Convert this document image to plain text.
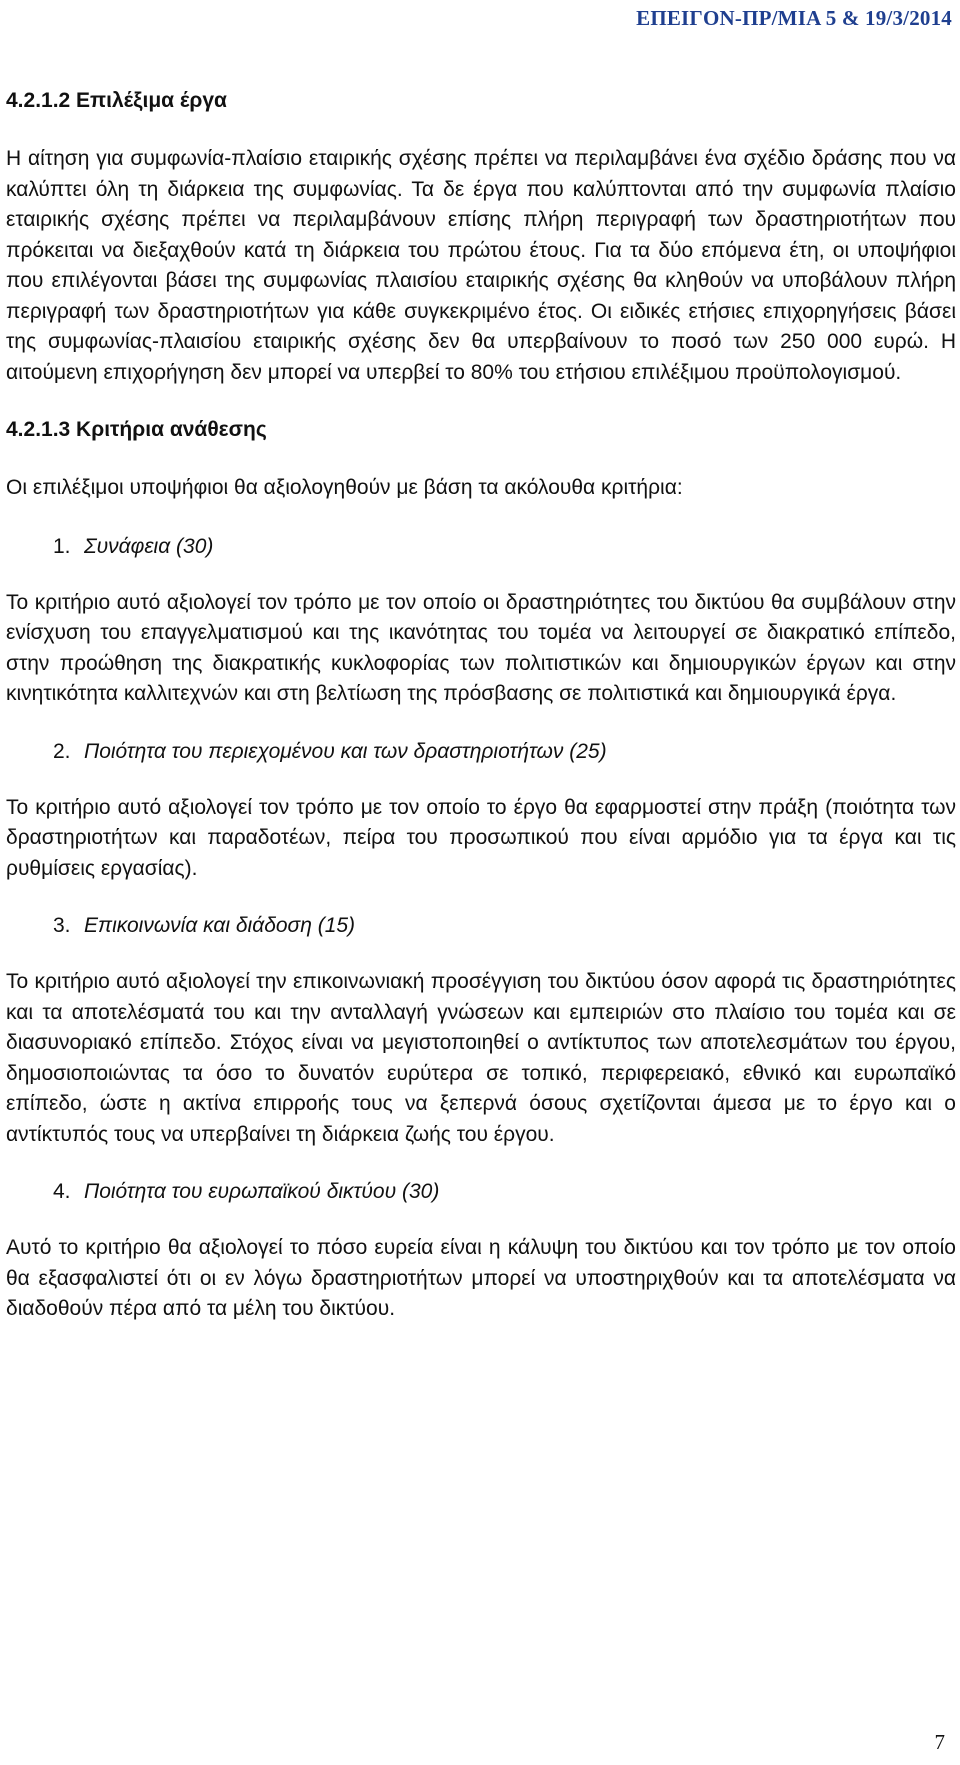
ΕΠΕΙΓΟΝ-ΠΡ/ΜΙΑ 5 & 19/3/2014
4.2.1.2 Επιλέξιμα έργα

Η αίτηση για συμφωνία-πλαίσιο εταιρικής σχέσης πρέπει να περιλαμβάνει ένα σχέδιο δράσης που να καλύπτει όλη τη διάρκεια της συμφωνίας. Τα δε έργα που καλύπτονται από την συμφωνία πλαίσιο εταιρικής σχέσης πρέπει να περιλαμβάνουν επίσης πλήρη περιγραφή των δραστηριοτήτων που πρόκειται να διεξαχθούν κατά τη διάρκεια του πρώτου έτους. Για τα δύο επόμενα έτη, οι υποψήφιοι που επιλέγονται βάσει της συμφωνίας πλαισίου εταιρικής σχέσης θα κληθούν να υποβάλουν πλήρη περιγραφή των δραστηριοτήτων για κάθε συγκεκριμένο έτος. Οι ειδικές ετήσιες επιχορηγήσεις βάσει της συμφωνίας-πλαισίου εταιρικής σχέσης δεν θα υπερβαίνουν το ποσό των 250 000 ευρώ. Η αιτούμενη επιχορήγηση δεν μπορεί να υπερβεί το 80% του ετήσιου επιλέξιμου προϋπολογισμού.

4.2.1.3 Κριτήρια ανάθεσης

Οι επιλέξιμοι υποψήφιοι θα αξιολογηθούν με βάση τα ακόλουθα κριτήρια:

1. Συνάφεια (30)

Το κριτήριο αυτό αξιολογεί τον τρόπο με τον οποίο οι δραστηριότητες του δικτύου θα συμβάλουν στην ενίσχυση του επαγγελματισμού και της ικανότητας του τομέα να λειτουργεί σε διακρατικό επίπεδο, στην προώθηση της διακρατικής κυκλοφορίας των πολιτιστικών και δημιουργικών έργων και στην κινητικότητα καλλιτεχνών και στη βελτίωση της πρόσβασης σε πολιτιστικά και δημιουργικά έργα.

2. Ποιότητα του περιεχομένου και των δραστηριοτήτων (25)

Το κριτήριο αυτό αξιολογεί τον τρόπο με τον οποίο το έργο θα εφαρμοστεί στην πράξη (ποιότητα των δραστηριοτήτων και παραδοτέων, πείρα του προσωπικού που είναι αρμόδιο για τα έργα και τις ρυθμίσεις εργασίας).

3. Επικοινωνία και διάδοση (15)

Το κριτήριο αυτό αξιολογεί την επικοινωνιακή προσέγγιση του δικτύου όσον αφορά τις δραστηριότητες και τα αποτελέσματά του και την ανταλλαγή γνώσεων και εμπειριών στο πλαίσιο του τομέα και σε διασυνοριακό επίπεδο. Στόχος είναι να μεγιστοποιηθεί ο αντίκτυπος των αποτελεσμάτων του έργου, δημοσιοποιώντας τα όσο το δυνατόν ευρύτερα σε τοπικό, περιφερειακό, εθνικό και ευρωπαϊκό επίπεδο, ώστε η ακτίνα επιρροής τους να ξεπερνά όσους σχετίζονται άμεσα με το έργο και ο αντίκτυπός τους να υπερβαίνει τη διάρκεια ζωής του έργου.

4. Ποιότητα του ευρωπαϊκού δικτύου (30)

Αυτό το κριτήριο θα αξιολογεί το πόσο ευρεία είναι η κάλυψη του δικτύου και τον τρόπο με τον οποίο θα εξασφαλιστεί ότι οι εν λόγω δραστηριοτήτων μπορεί να υποστηριχθούν και τα αποτελέσματα να διαδοθούν πέρα από τα μέλη του δικτύου.

7
